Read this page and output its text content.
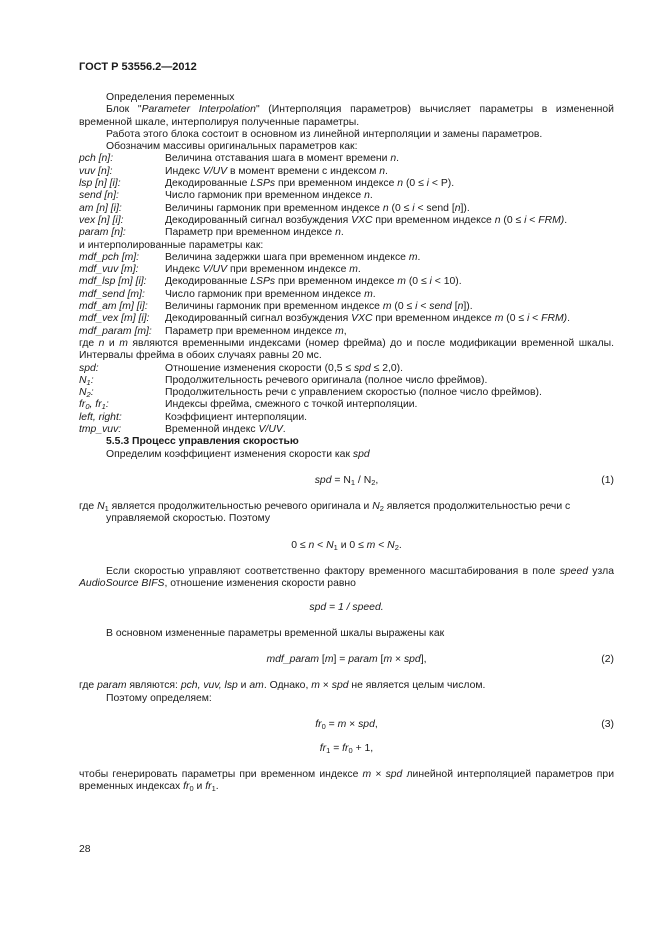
ГОСТ Р 53556.2—2012

Определения переменных

Блок "Parameter Interpolation" (Интерполяция параметров) вычисляет параметры в измененной временной шкале, интерполируя полученные параметры.

Работа этого блока состоит в основном из линейной интерполяции и замены параметров.

Обозначим массивы оригинальных параметров как:

pch [n]:	Величина отставания шага в момент времени n.
vuv [n]:	Индекс V/UV в момент времени с индексом n.
lsp [n] [i]:	Декодированные LSPs при временном индексе n (0 ≤ i < P).
send [n]:	Число гармоник при временном индексе n.
am [n] [i]:	Величины гармоник при временном индексе n (0 ≤ i < send [n]).
vex [n] [i]:	Декодированный сигнал возбуждения VXC при временном индексе n (0 ≤ i < FRM).
param [n]:	Параметр при временном индексе n.

и интерполированные параметры как:

mdf_pch [m]:	Величина задержки шага при временном индексе m.
mdf_vuv [m]:	Индекс V/UV при временном индексе m.
mdf_lsp [m] [i]:	Декодированные LSPs при временном индексе m (0 ≤ i < 10).
mdf_send [m]:	Число гармоник при временном индексе m.
mdf_am [m] [i]:	Величины гармоник при временном индексе m (0 ≤ i < send [n]).
mdf_vex [m] [i]:	Декодированный сигнал возбуждения VXC при временном индексе m (0 ≤ i < FRM).
mdf_param [m]:	Параметр при временном индексе m,

где n и m являются временными индексами (номер фрейма) до и после модификации временной шкалы. Интервалы фрейма в обоих случаях равны 20 мс.

spd:	Отношение изменения скорости (0,5 ≤ spd ≤ 2,0).
$N_1$:	Продолжительность речевого оригинала (полное число фреймов).
$N_2$:	Продолжительность речи с управлением скоростью (полное число фреймов).
$fr_0$, $fr_1$:	Индексы фрейма, смежного с точкой интерполяции.
left, right:	Коэффициент интерполяции.
tmp_vuv:	Временной индекс V/UV.

5.5.3 Процесс управления скоростью

Определим коэффициент изменения скорости как spd

spd = $N_1 / N_2$,	(1)

где $N_1$ является продолжительностью речевого оригинала и $N_2$ является продолжительностью речи с управляемой скоростью. Поэтому

$0 \le n < N_1$ и $0 \le m < N_2$.

Если скоростью управляют соответственно фактору временного масштабирования в поле speed узла AudioSource BIFS, отношение изменения скорости равно

spd = 1 / speed.

В основном измененные параметры временной шкалы выражены как

mdf_param [m] = param [m × spd],	(2)

где param являются: pch, vuv, lsp и am. Однако, m × spd не является целым числом.

Поэтому определяем:

$fr_0 = m$ × spd,	(3)
$fr_1 = fr_0 + 1$,

чтобы генерировать параметры при временном индексе m × spd линейной интерполяцией параметров при временных индексах $fr_0$ и $fr_1$.

28
